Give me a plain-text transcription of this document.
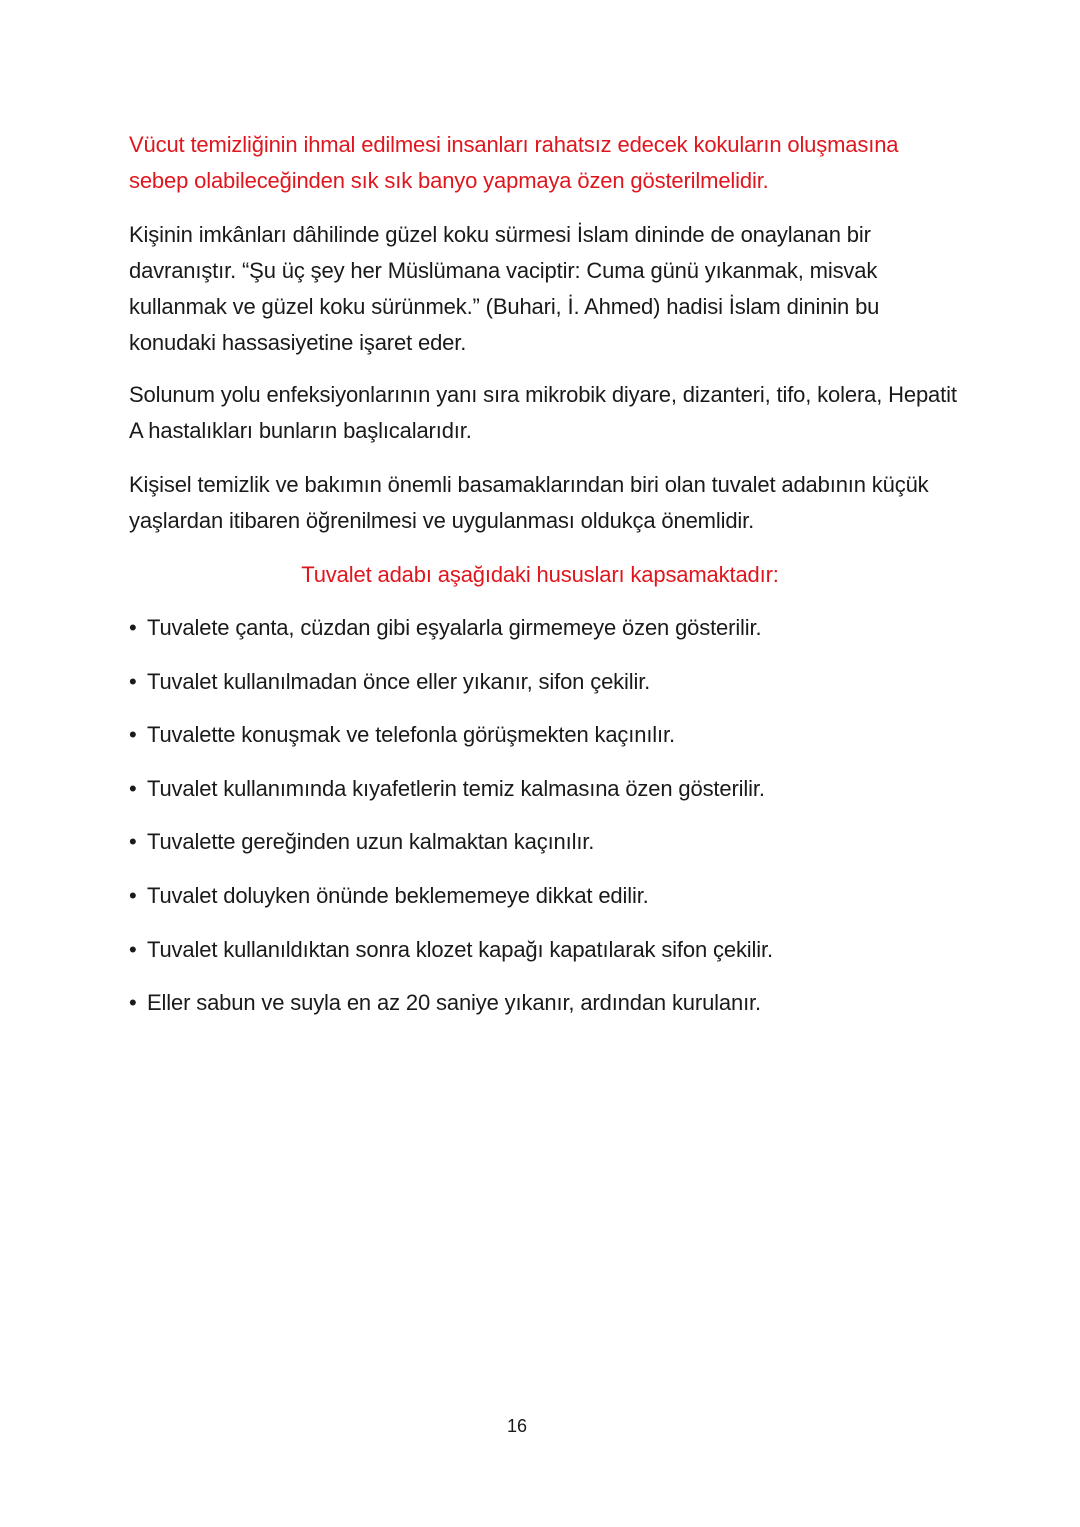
Vücut temizliğinin ihmal edilmesi insanları rahatsız edecek kokuların oluşmasına sebep olabileceğinden sık sık banyo yapmaya özen gösterilmelidir.

Kişinin imkânları dâhilinde güzel koku sürmesi İslam dininde de onaylanan bir davranıştır. “Şu üç şey her Müslümana vaciptir: Cuma günü yıkanmak, misvak kullanmak ve güzel koku sürünmek.” (Buhari, İ. Ahmed) hadisi İslam dininin bu konudaki hassasiyetine işaret eder.

Solunum yolu enfeksiyonlarının yanı sıra mikrobik diyare, dizanteri, tifo, kolera, Hepatit A hastalıkları bunların başlıcalarıdır.

Kişisel temizlik ve bakımın önemli basamaklarından biri olan tuvalet adabının küçük yaşlardan itibaren öğrenilmesi ve uygulanması oldukça önemlidir.

Tuvalet adabı aşağıdaki hususları kapsamaktadır:

• Tuvalete çanta, cüzdan gibi eşyalarla girmemeye özen gösterilir.
• Tuvalet kullanılmadan önce eller yıkanır, sifon çekilir.
• Tuvalette konuşmak ve telefonla görüşmekten kaçınılır.
• Tuvalet kullanımında kıyafetlerin temiz kalmasına özen gösterilir.
• Tuvalette gereğinden uzun kalmaktan kaçınılır.
• Tuvalet doluyken önünde beklememeye dikkat edilir.
• Tuvalet kullanıldıktan sonra klozet kapağı kapatılarak sifon çekilir.
• Eller sabun ve suyla en az 20 saniye yıkanır, ardından kurulanır.
16
